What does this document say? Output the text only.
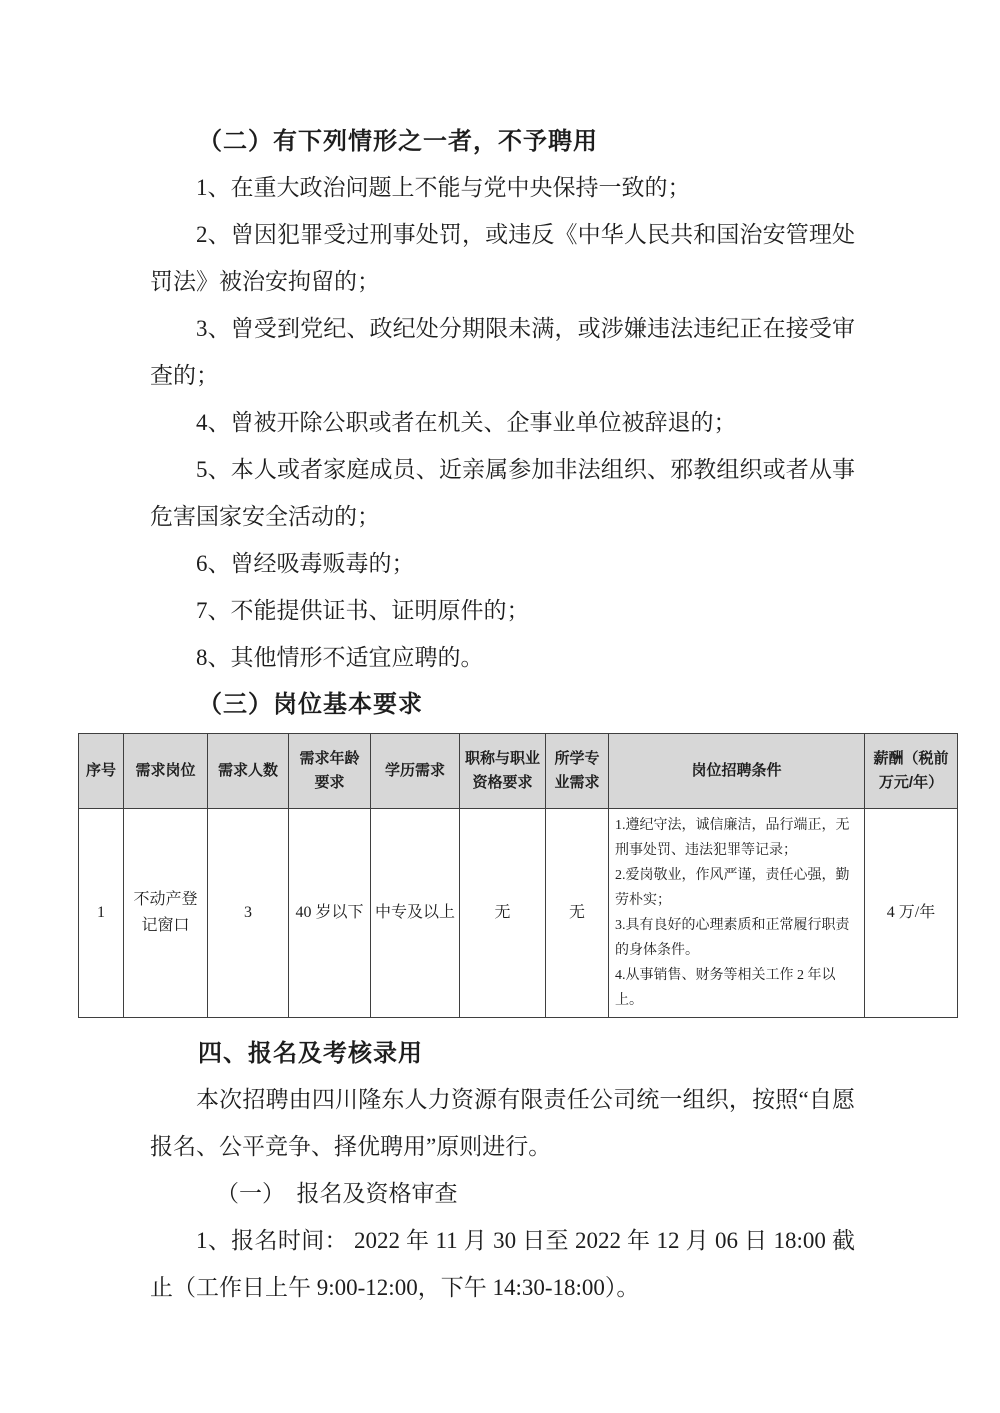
（二）有下列情形之一者，不予聘用

1、在重大政治问题上不能与党中央保持一致的；

2、曾因犯罪受过刑事处罚，或违反《中华人民共和国治安管理处罚法》被治安拘留的；

3、曾受到党纪、政纪处分期限未满，或涉嫌违法违纪正在接受审查的；

4、曾被开除公职或者在机关、企事业单位被辞退的；

5、本人或者家庭成员、近亲属参加非法组织、邪教组织或者从事危害国家安全活动的；

6、曾经吸毒贩毒的；

7、不能提供证书、证明原件的；

8、其他情形不适宜应聘的。

（三）岗位基本要求
序号	需求岗位	需求人数	需求年龄要求	学历需求	职称与职业资格要求	所学专业需求	岗位招聘条件	薪酬（税前万元/年）
1	不动产登记窗口	3	40 岁以下	中专及以上	无	无	1.遵纪守法，诚信廉洁，品行端正，无刑事处罚、违法犯罪等记录；
2.爱岗敬业，作风严谨，责任心强，勤劳朴实；
3.具有良好的心理素质和正常履行职责的身体条件。
4.从事销售、财务等相关工作 2 年以上。	4 万/年
四、报名及考核录用

本次招聘由四川隆东人力资源有限责任公司统一组织，按照“自愿报名、公平竞争、择优聘用”原则进行。

（一）　报名及资格审查

1、报名时间： 2022 年 11 月 30 日至 2022 年 12 月 06 日 18:00 截止（工作日上午 9:00-12:00，下午 14:30-18:00）。
